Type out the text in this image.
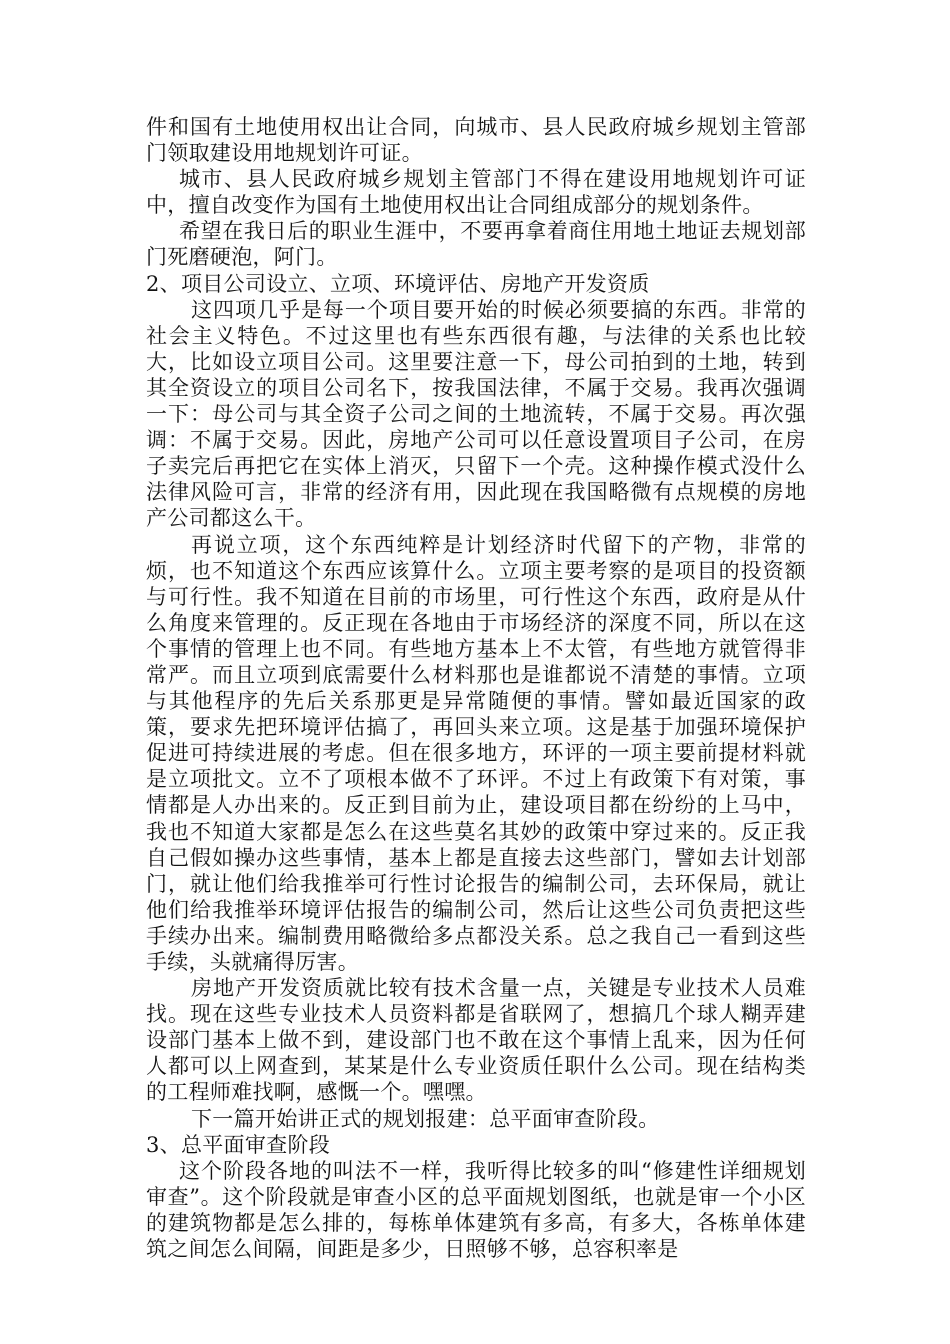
件和国有土地使用权出让合同，向城市、县人民政府城乡规划主管部门领取建设用地规划许可证。

城市、县人民政府城乡规划主管部门不得在建设用地规划许可证中，擅自改变作为国有土地使用权出让合同组成部分的规划条件。

希望在我日后的职业生涯中，不要再拿着商住用地土地证去规划部门死磨硬泡，阿门。

2、项目公司设立、立项、环境评估、房地产开发资质

这四项几乎是每一个项目要开始的时候必须要搞的东西。非常的社会主义特色。不过这里也有些东西很有趣，与法律的关系也比较大，比如设立项目公司。这里要注意一下，母公司拍到的土地，转到其全资设立的项目公司名下，按我国法律，不属于交易。我再次强调一下：母公司与其全资子公司之间的土地流转，不属于交易。再次强调：不属于交易。因此，房地产公司可以任意设置项目子公司，在房子卖完后再把它在实体上消灭，只留下一个壳。这种操作模式没什么法律风险可言，非常的经济有用，因此现在我国略微有点规模的房地产公司都这么干。

再说立项，这个东西纯粹是计划经济时代留下的产物，非常的烦，也不知道这个东西应该算什么。立项主要考察的是项目的投资额与可行性。我不知道在目前的市场里，可行性这个东西，政府是从什么角度来管理的。反正现在各地由于市场经济的深度不同，所以在这个事情的管理上也不同。有些地方基本上不太管，有些地方就管得非常严。而且立项到底需要什么材料那也是谁都说不清楚的事情。立项与其他程序的先后关系那更是异常随便的事情。譬如最近国家的政策，要求先把环境评估搞了，再回头来立项。这是基于加强环境保护促进可持续进展的考虑。但在很多地方，环评的一项主要前提材料就是立项批文。立不了项根本做不了环评。不过上有政策下有对策，事情都是人办出来的。反正到目前为止，建设项目都在纷纷的上马中，我也不知道大家都是怎么在这些莫名其妙的政策中穿过来的。反正我自己假如操办这些事情，基本上都是直接去这些部门，譬如去计划部门，就让他们给我推举可行性讨论报告的编制公司，去环保局，就让他们给我推举环境评估报告的编制公司，然后让这些公司负责把这些手续办出来。编制费用略微给多点都没关系。总之我自己一看到这些手续，头就痛得厉害。

房地产开发资质就比较有技术含量一点，关键是专业技术人员难找。现在这些专业技术人员资料都是省联网了，想搞几个球人糊弄建设部门基本上做不到，建设部门也不敢在这个事情上乱来，因为任何人都可以上网查到，某某是什么专业资质任职什么公司。现在结构类的工程师难找啊，感慨一个。嘿嘿。

下一篇开始讲正式的规划报建：总平面审查阶段。

3、总平面审查阶段

这个阶段各地的叫法不一样，我听得比较多的叫“修建性详细规划审查”。这个阶段就是审查小区的总平面规划图纸，也就是审一个小区的建筑物都是怎么排的，每栋单体建筑有多高，有多大，各栋单体建筑之间怎么间隔，间距是多少，日照够不够，总容积率是
